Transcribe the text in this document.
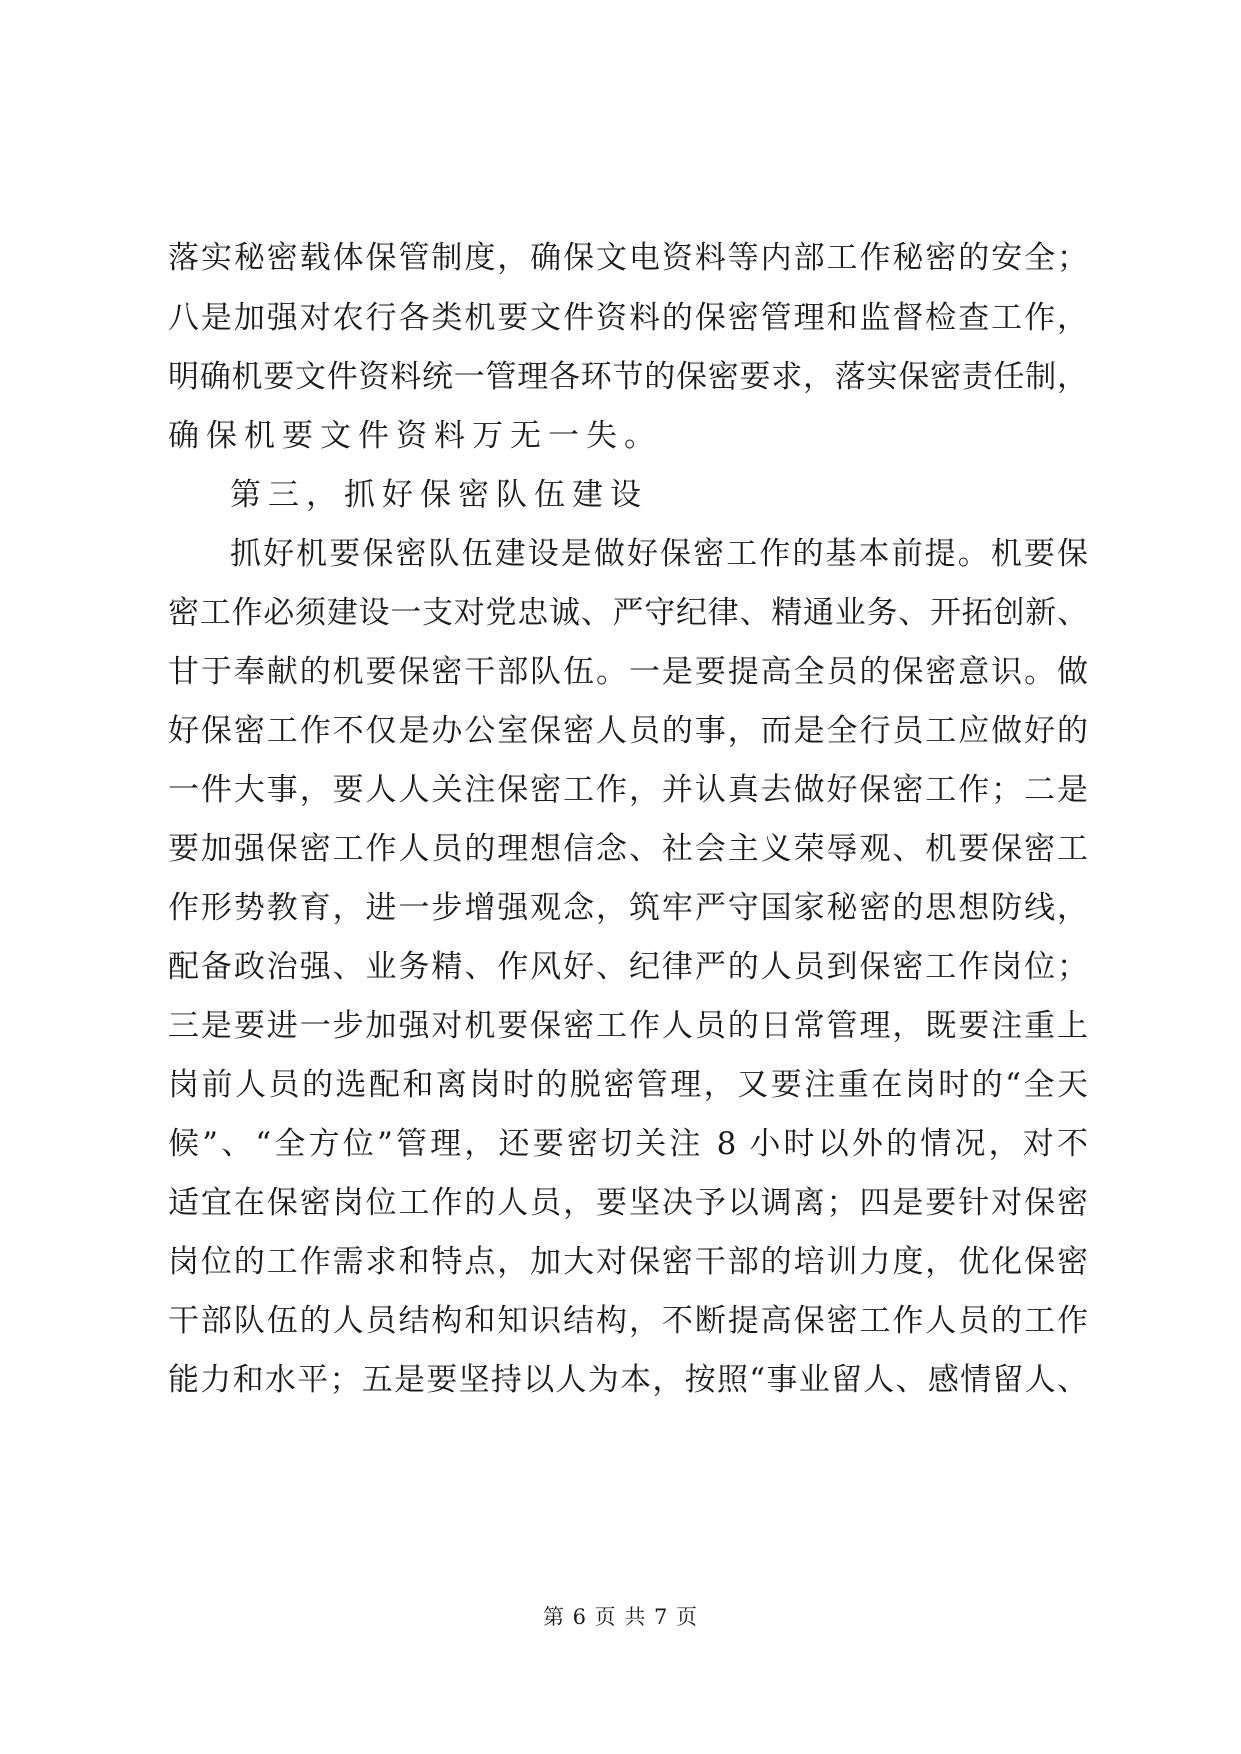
落实秘密载体保管制度，确保文电资料等内部工作秘密的安全；
八是加强对农行各类机要文件资料的保密管理和监督检查工作，
明确机要文件资料统一管理各环节的保密要求，落实保密责任制，
确保机要文件资料万无一失。
第三，抓好保密队伍建设
抓好机要保密队伍建设是做好保密工作的基本前提。机要保
密工作必须建设一支对党忠诚、严守纪律、精通业务、开拓创新、
甘于奉献的机要保密干部队伍。一是要提高全员的保密意识。做
好保密工作不仅是办公室保密人员的事，而是全行员工应做好的
一件大事，要人人关注保密工作，并认真去做好保密工作；二是
要加强保密工作人员的理想信念、社会主义荣辱观、机要保密工
作形势教育，进一步增强观念，筑牢严守国家秘密的思想防线，
配备政治强、业务精、作风好、纪律严的人员到保密工作岗位；
三是要进一步加强对机要保密工作人员的日常管理，既要注重上
岗前人员的选配和离岗时的脱密管理，又要注重在岗时的“全天
候”、“全方位”管理，还要密切关注 8 小时以外的情况，对不
适宜在保密岗位工作的人员，要坚决予以调离；四是要针对保密
岗位的工作需求和特点，加大对保密干部的培训力度，优化保密
干部队伍的人员结构和知识结构，不断提高保密工作人员的工作
能力和水平；五是要坚持以人为本，按照“事业留人、感情留人、
第 6 页 共 7 页
